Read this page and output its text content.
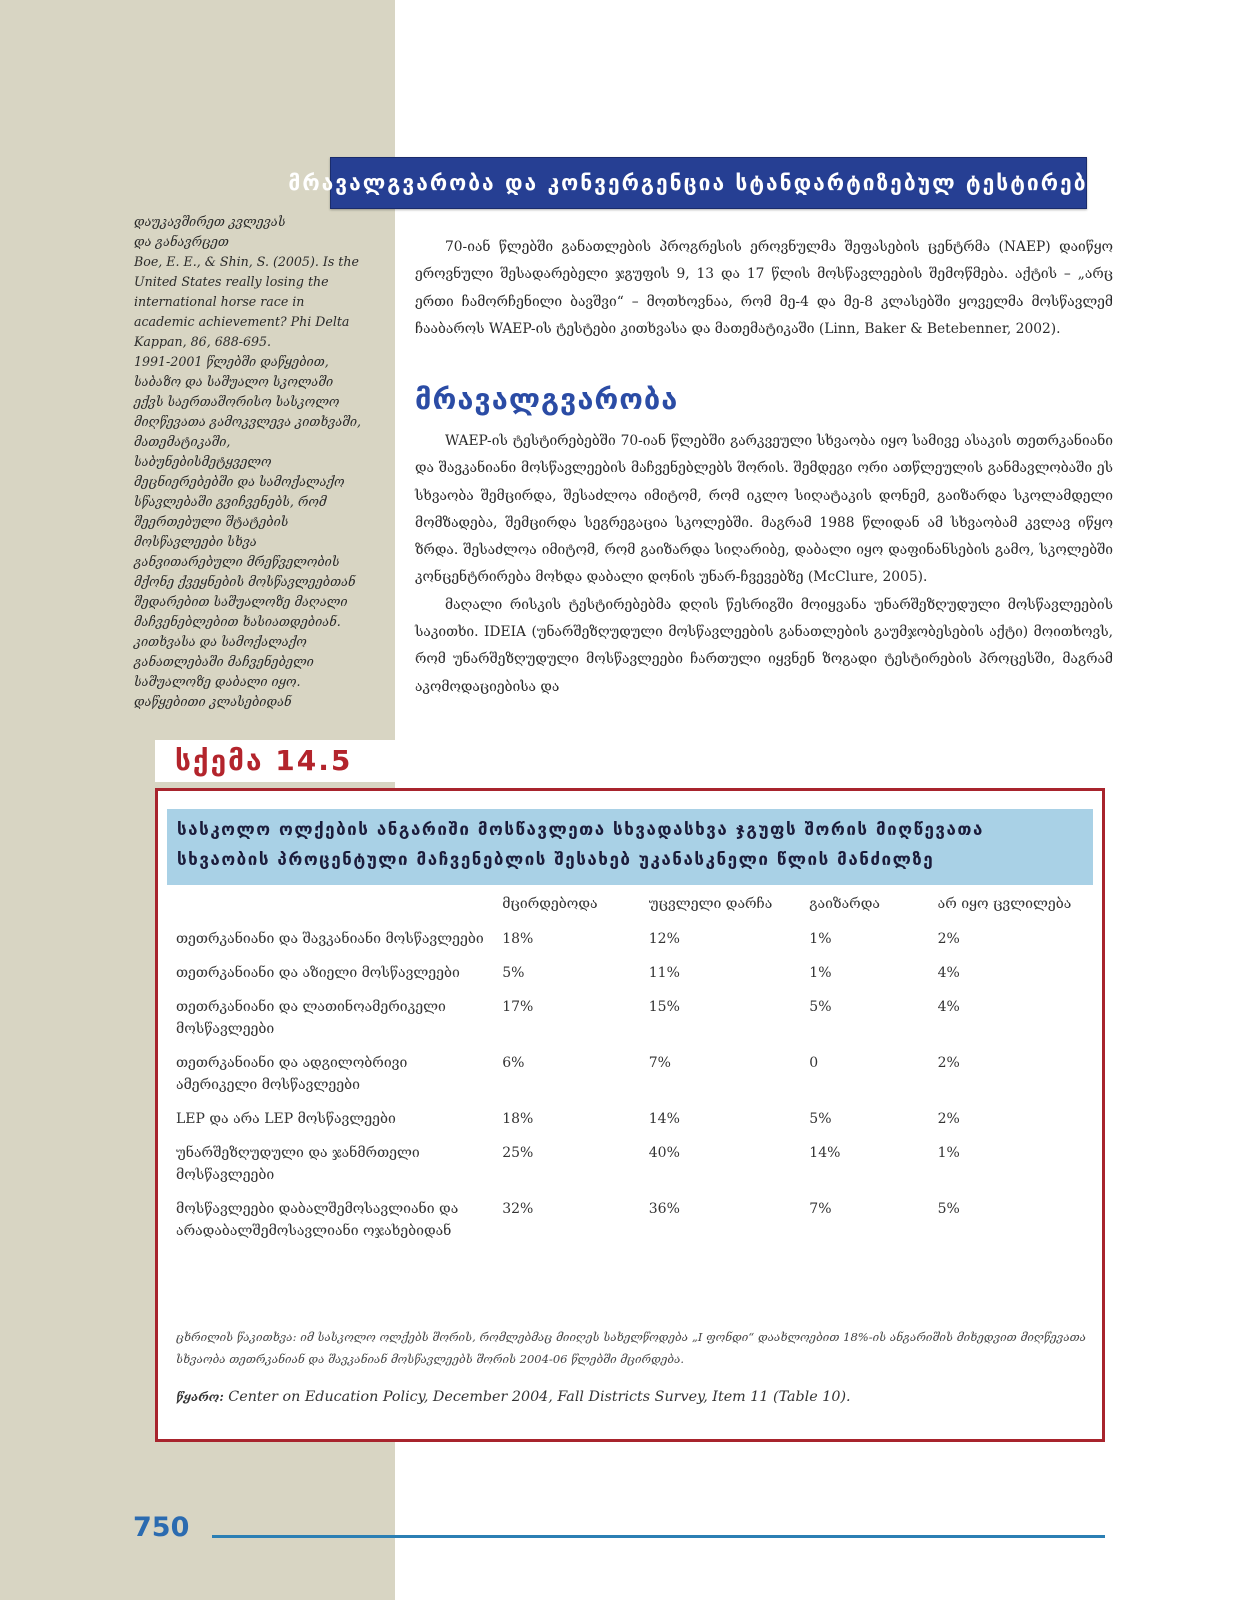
მრავალგვარობა და კონვერგენცია სტანდარტიზებულ ტესტირებაში
დაუკავშირეთ კვლევას
და განავრცეთ
Boe, E. E., & Shin, S. (2005). Is the United States really losing the international horse race in academic achievement? Phi Delta Kappan, 86, 688-695.
1991-2001 წლებში დაწყებით, საბაზო და საშუალო სკოლაში ექვს საერთაშორისო სასკოლო მიღწევათა გამოკვლევა კითხვაში, მათემატიკაში, საბუნებისმეტყველო მეცნიერებებში და სამოქალაქო სწავლებაში გვიჩვენებს, რომ შეერთებული შტატების მოსწავლეები სხვა განვითარებული მრეწველობის მქონე ქვეყნების მოსწავლეებთან შედარებით საშუალოზე მაღალი მაჩვენებლებით ხასიათდებიან. კითხვასა და სამოქალაქო განათლებაში მაჩვენებელი საშუალოზე დაბალი იყო. დაწყებითი კლასებიდან

70-იან წლებში განათლების პროგრესის ეროვნულმა შეფასების ცენტრმა (NAEP) დაიწყო ეროვნული შესადარებელი ჯგუფის 9, 13 და 17 წლის მოსწავლეების შემოწმება. აქტის – „არც ერთი ჩამორჩენილი ბავშვი“ – მოთხოვნაა, რომ მე-4 და მე-8 კლასებში ყოველმა მოსწავლემ ჩააბაროს WAEP-ის ტესტები კითხვასა და მათემატიკაში (Linn, Baker & Betebenner, 2002).

მრავალგვარობა

WAEP-ის ტესტირებებში 70-იან წლებში გარკვეული სხვაობა იყო სამივე ასაკის თეთრკანიანი და შავკანიანი მოსწავლეების მაჩვენებლებს შორის. შემდეგი ორი ათწლეულის განმავლობაში ეს სხვაობა შემცირდა, შესაძლოა იმიტომ, რომ იკლო სიღატაკის დონემ, გაიზარდა სკოლამდელი მომზადება, შემცირდა სეგრეგაცია სკოლებში. მაგრამ 1988 წლიდან ამ სხვაობამ კვლავ იწყო ზრდა. შესაძლოა იმიტომ, რომ გაიზარდა სიღარიბე, დაბალი იყო დაფინანსების გამო, სკოლებში კონცენტრირება მოხდა დაბალი დონის უნარ-ჩვევებზე (McClure, 2005).

მაღალი რისკის ტესტირებებმა დღის წესრიგში მოიყვანა უნარშეზღუდული მოსწავლეების საკითხი. IDEIA (უნარშეზღუდული მოსწავლეების განათლების გაუმჯობესების აქტი) მოითხოვს, რომ უნარშეზღუდული მოსწავლეები ჩართული იყვნენ ზოგადი ტესტირების პროცესში, მაგრამ აკომოდაციებისა და

სქემა 14.5
სასკოლო ოლქების ანგარიში მოსწავლეთა სხვადასხვა ჯგუფს შორის მიღწევათა სხვაობის პროცენტული მაჩვენებლის შესახებ უკანასკნელი წლის მანძილზე
	მცირდებოდა	უცვლელი დარჩა	გაიზარდა	არ იყო ცვლილება
თეთრკანიანი და შავკანიანი მოსწავლეები	18%	12%	1%	2%
თეთრკანიანი და აზიელი მოსწავლეები	5%	11%	1%	4%
თეთრკანიანი და ლათინოამერიკელი მოსწავლეები	17%	15%	5%	4%
თეთრკანიანი და ადგილობრივი ამერიკელი მოსწავლეები	6%	7%	0	2%
LEP და არა LEP მოსწავლეები	18%	14%	5%	2%
უნარშეზღუდული და ჯანმრთელი მოსწავლეები	25%	40%	14%	1%
მოსწავლეები დაბალშემოსავლიანი და არადაბალშემოსავლიანი ოჯახებიდან	32%	36%	7%	5%
ცხრილის წაკითხვა: იმ სასკოლო ოლქებს შორის, რომლებმაც მიიღეს სახელწოდება „I ფონდი“ დაახლოებით 18%-ის ანგარიშის მიხედვით მიღწევათა სხვაობა თეთრკანიან და შავკანიან მოსწავლეებს შორის 2004-06 წლებში მცირდება.
წყარო: Center on Education Policy, December 2004, Fall Districts Survey, Item 11 (Table 10).
750
